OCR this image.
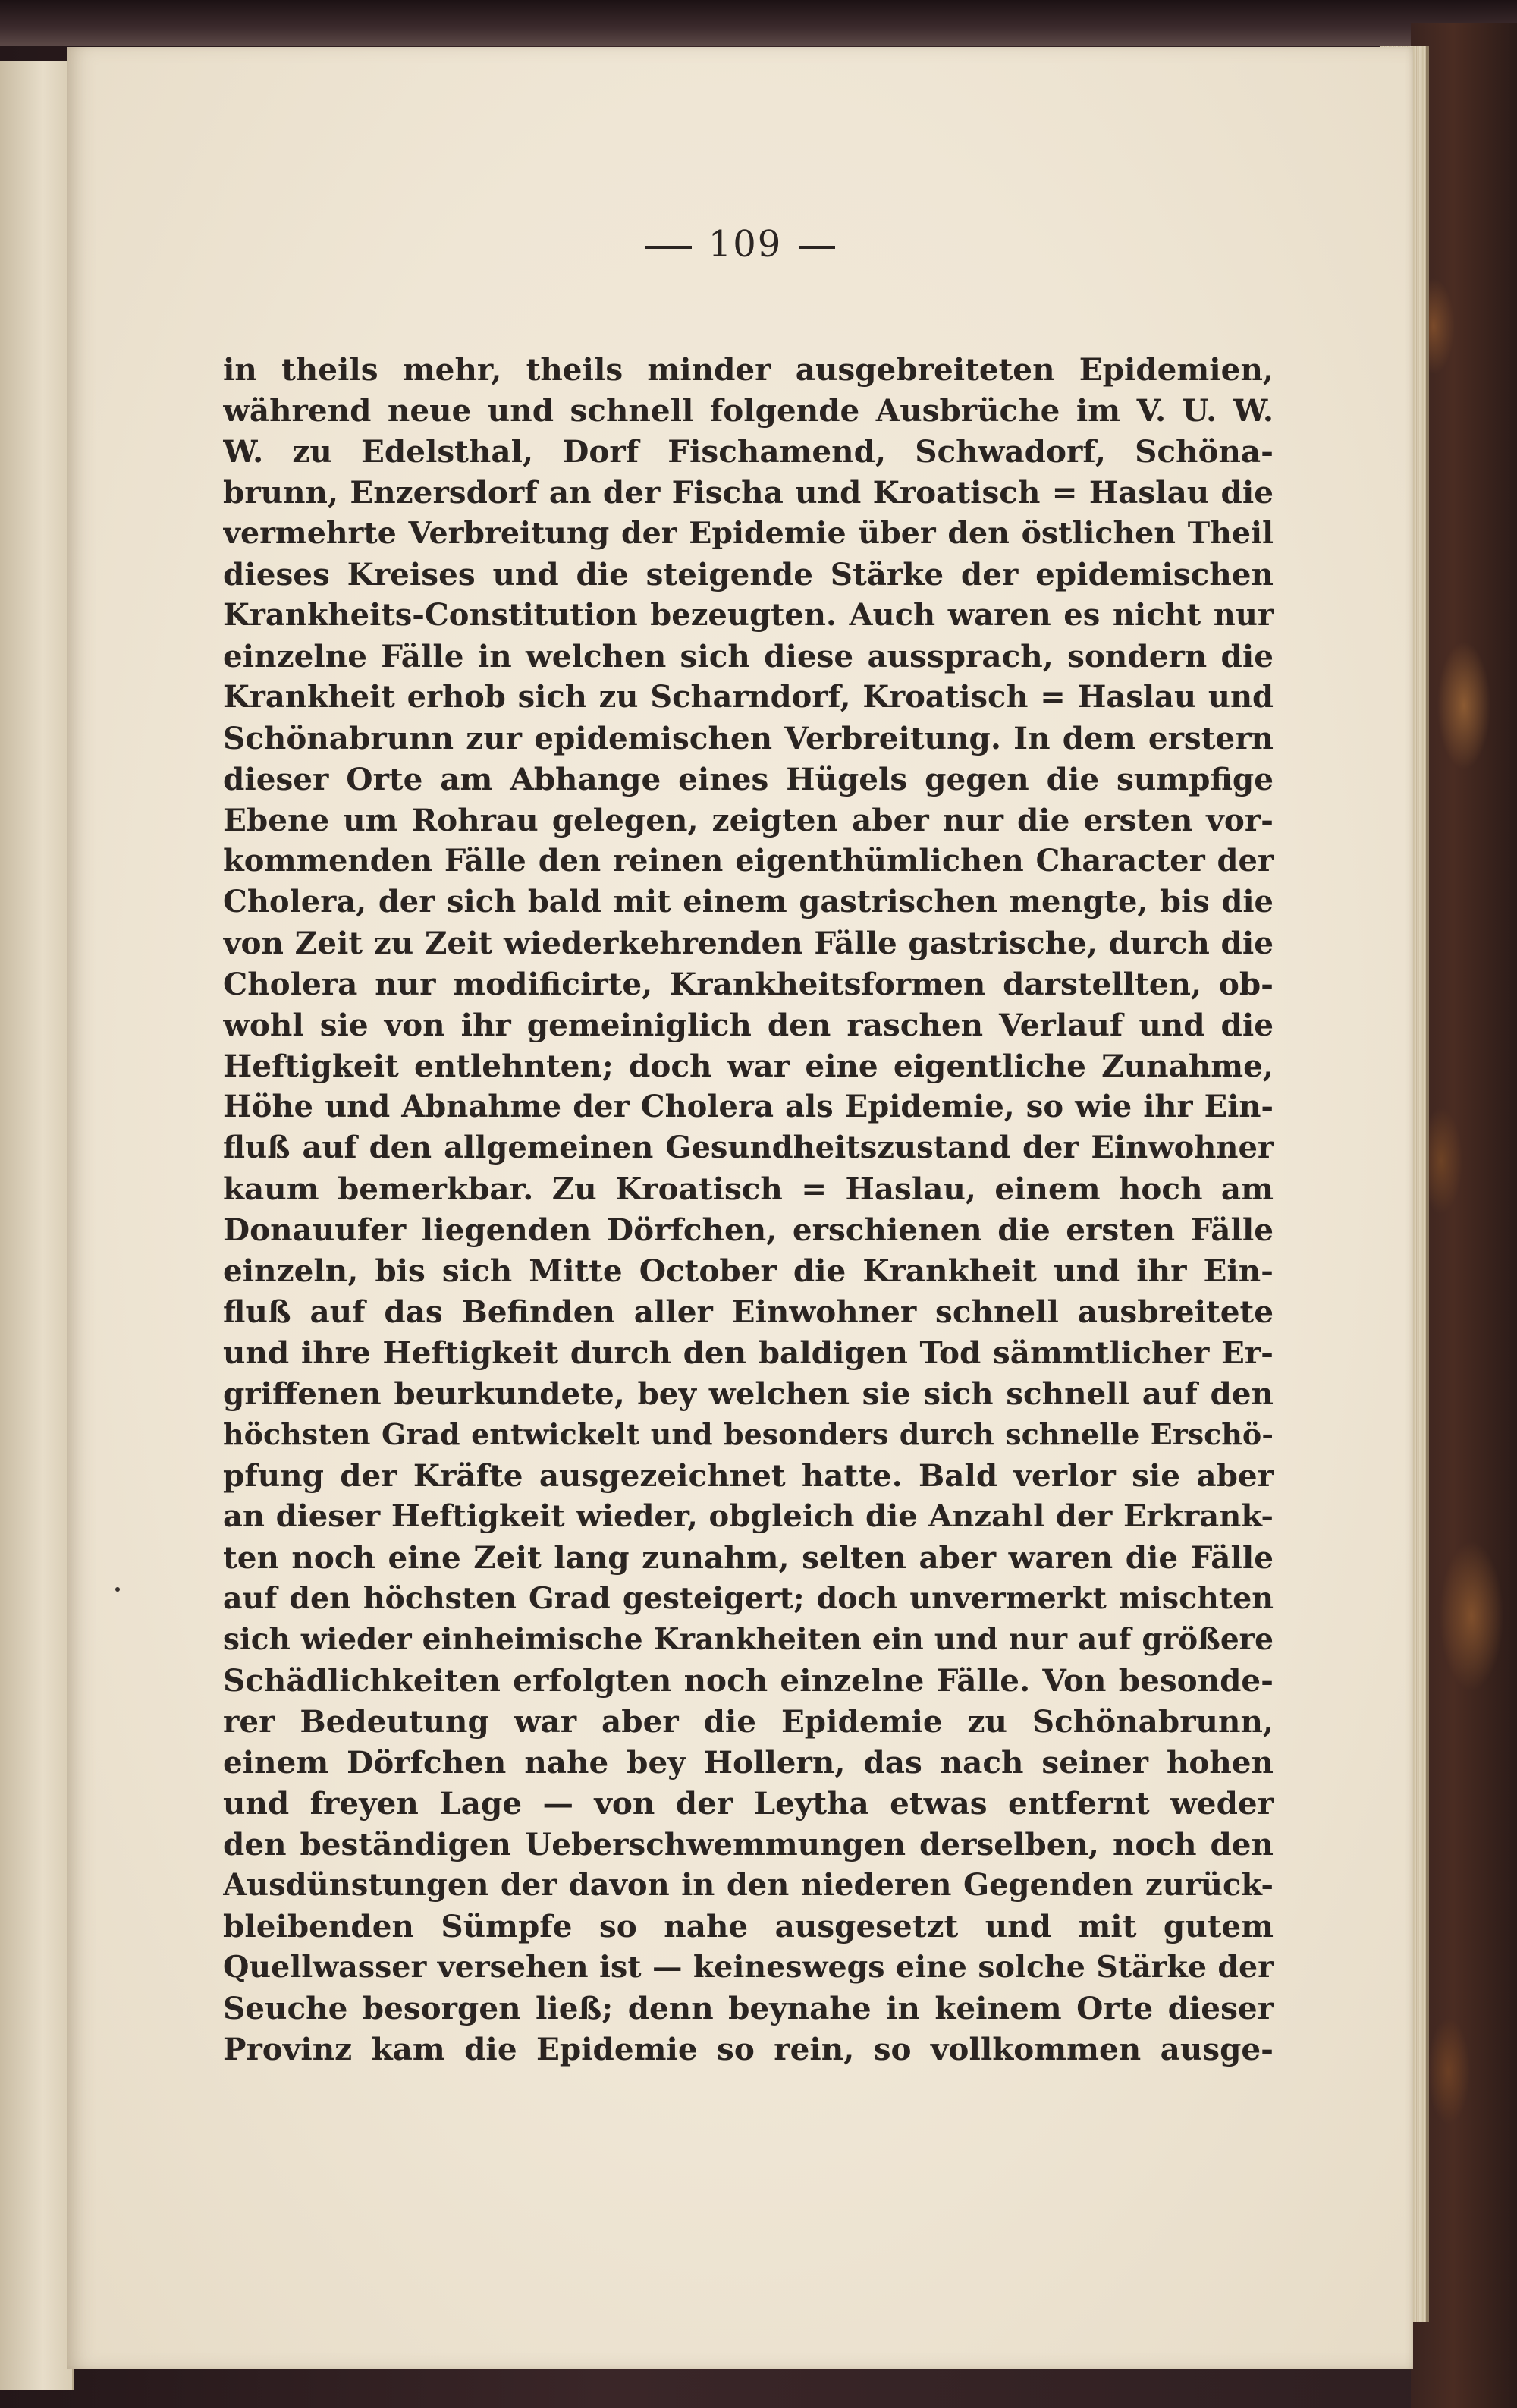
109
in theils mehr, theils minder ausgebreiteten Epidemien,
während neue und schnell folgende Ausbrüche im V. U. W.
W. zu Edelsthal, Dorf Fischamend, Schwadorf, Schöna-
brunn, Enzersdorf an der Fischa und Kroatisch = Haslau die
vermehrte Verbreitung der Epidemie über den östlichen Theil
dieses Kreises und die steigende Stärke der epidemischen
Krankheits-Constitution bezeugten. Auch waren es nicht nur
einzelne Fälle in welchen sich diese aussprach, sondern die
Krankheit erhob sich zu Scharndorf, Kroatisch = Haslau und
Schönabrunn zur epidemischen Verbreitung. In dem erstern
dieser Orte am Abhange eines Hügels gegen die sumpfige
Ebene um Rohrau gelegen, zeigten aber nur die ersten vor-
kommenden Fälle den reinen eigenthümlichen Character der
Cholera, der sich bald mit einem gastrischen mengte, bis die
von Zeit zu Zeit wiederkehrenden Fälle gastrische, durch die
Cholera nur modificirte, Krankheitsformen darstellten, ob-
wohl sie von ihr gemeiniglich den raschen Verlauf und die
Heftigkeit entlehnten; doch war eine eigentliche Zunahme,
Höhe und Abnahme der Cholera als Epidemie, so wie ihr Ein-
fluß auf den allgemeinen Gesundheitszustand der Einwohner
kaum bemerkbar. Zu Kroatisch = Haslau, einem hoch am
Donauufer liegenden Dörfchen, erschienen die ersten Fälle
einzeln, bis sich Mitte October die Krankheit und ihr Ein-
fluß auf das Befinden aller Einwohner schnell ausbreitete
und ihre Heftigkeit durch den baldigen Tod sämmtlicher Er-
griffenen beurkundete, bey welchen sie sich schnell auf den
höchsten Grad entwickelt und besonders durch schnelle Erschö-
pfung der Kräfte ausgezeichnet hatte. Bald verlor sie aber
an dieser Heftigkeit wieder, obgleich die Anzahl der Erkrank-
ten noch eine Zeit lang zunahm, selten aber waren die Fälle
auf den höchsten Grad gesteigert; doch unvermerkt mischten
sich wieder einheimische Krankheiten ein und nur auf größere
Schädlichkeiten erfolgten noch einzelne Fälle. Von besonde-
rer Bedeutung war aber die Epidemie zu Schönabrunn,
einem Dörfchen nahe bey Hollern, das nach seiner hohen
und freyen Lage — von der Leytha etwas entfernt weder
den beständigen Ueberschwemmungen derselben, noch den
Ausdünstungen der davon in den niederen Gegenden zurück-
bleibenden Sümpfe so nahe ausgesetzt und mit gutem
Quellwasser versehen ist — keineswegs eine solche Stärke der
Seuche besorgen ließ; denn beynahe in keinem Orte dieser
Provinz kam die Epidemie so rein, so vollkommen ausge-
